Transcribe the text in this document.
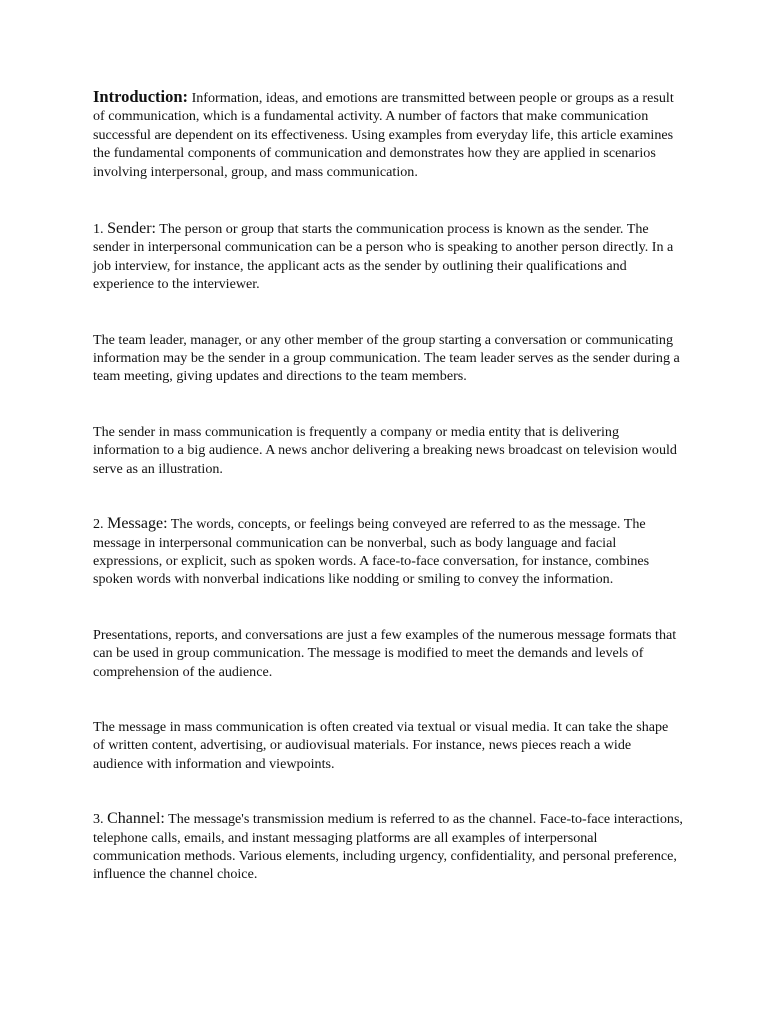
Introduction: Information, ideas, and emotions are transmitted between people or groups as a result of communication, which is a fundamental activity. A number of factors that make communication successful are dependent on its effectiveness. Using examples from everyday life, this article examines the fundamental components of communication and demonstrates how they are applied in scenarios involving interpersonal, group, and mass communication.

1. Sender: The person or group that starts the communication process is known as the sender. The sender in interpersonal communication can be a person who is speaking to another person directly. In a job interview, for instance, the applicant acts as the sender by outlining their qualifications and experience to the interviewer.

The team leader, manager, or any other member of the group starting a conversation or communicating information may be the sender in a group communication. The team leader serves as the sender during a team meeting, giving updates and directions to the team members.

The sender in mass communication is frequently a company or media entity that is delivering information to a big audience. A news anchor delivering a breaking news broadcast on television would serve as an illustration.

2. Message: The words, concepts, or feelings being conveyed are referred to as the message. The message in interpersonal communication can be nonverbal, such as body language and facial expressions, or explicit, such as spoken words. A face-to-face conversation, for instance, combines spoken words with nonverbal indications like nodding or smiling to convey the information.

Presentations, reports, and conversations are just a few examples of the numerous message formats that can be used in group communication. The message is modified to meet the demands and levels of comprehension of the audience.

The message in mass communication is often created via textual or visual media. It can take the shape of written content, advertising, or audiovisual materials. For instance, news pieces reach a wide audience with information and viewpoints.

3. Channel: The message's transmission medium is referred to as the channel. Face-to-face interactions, telephone calls, emails, and instant messaging platforms are all examples of interpersonal communication methods. Various elements, including urgency, confidentiality, and personal preference, influence the channel choice.
